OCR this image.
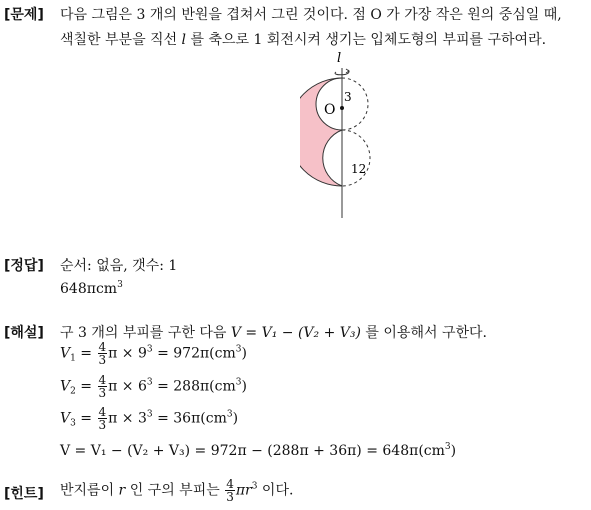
[문제] 다음 그림은 3 개의 반원을 겹쳐서 그린 것이다. 점 O 가 가장 작은 원의 중심일 때,
색칠한 부분을 직선 l 를 축으로 1 회전시켜 생기는 입체도형의 부피를 구하여라.
l
O
3
12
[정답] 순서: 없음, 갯수: 1
648πcm$^3$
[해설] 구 3 개의 부피를 구한 다음 V = V₁ − (V₂ + V₃) 를 이용해서 구한다.
$V_1 = \frac{4}{3}$ $\pi \times 9^3 = 972\pi(cm^3)$
$V_2 = \frac{4}{3}$ $\pi \times 6^3 = 288\pi(cm^3)$
$V_3 = \frac{4}{3}$ $\pi \times 3^3 = 36\pi(cm^3)$
$V = V_1 - (V_2 + V_3) = 972\pi - (288\pi + 36\pi) = 648\pi(cm^3)$
[힌트] 반지름이 r 인 구의 부피는 $\frac{4}{3} \pi r^3$ 이다.
